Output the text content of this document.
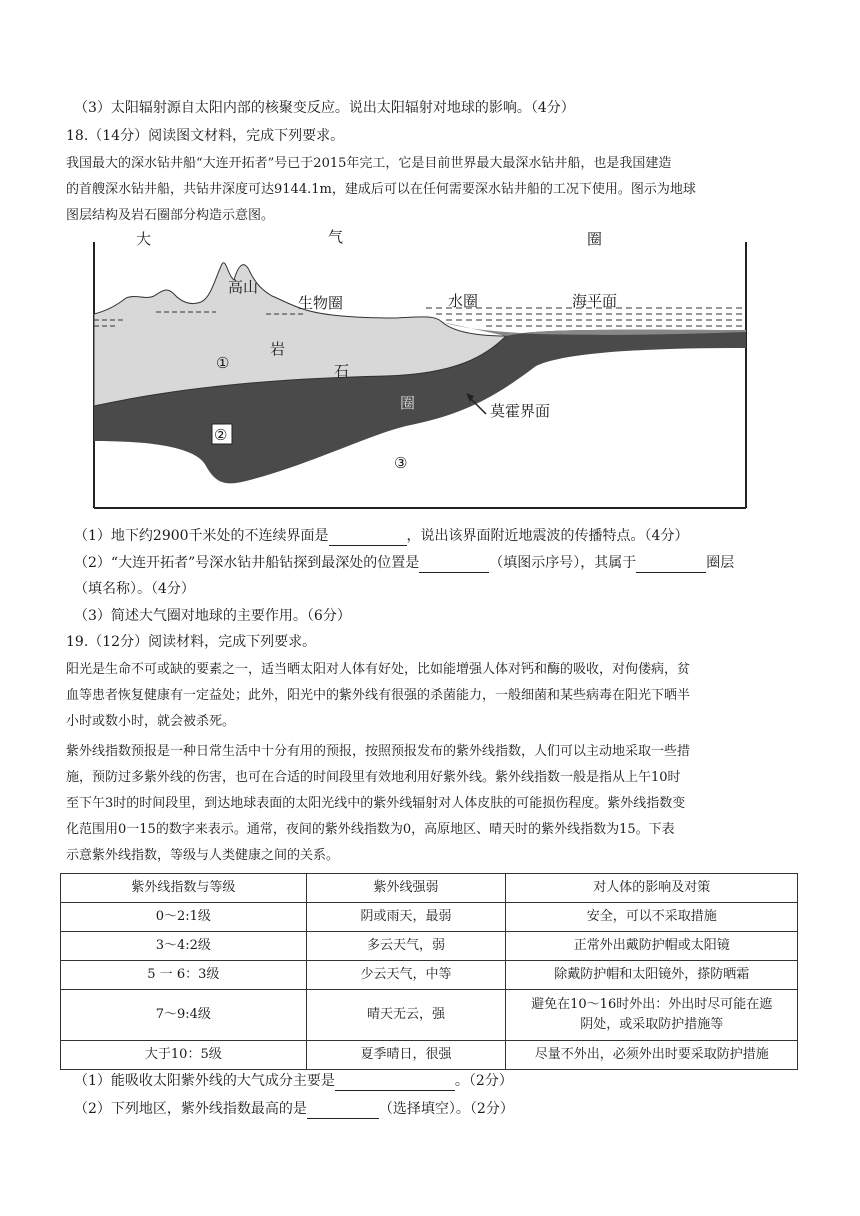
（3）太阳辐射源自太阳内部的核聚变反应。说出太阳辐射对地球的影响。（4分）
18.（14分）阅读图文材料，完成下列要求。
我国最大的深水钻井船“大连开拓者”号已于2015年完工，它是目前世界最大最深水钻井船，也是我国建造
的首艘深水钻井船，共钻井深度可达9144.1m，建成后可以在任何需要深水钻井船的工况下使用。图示为地球
图层结构及岩石圈部分构造示意图。
大	气	圈
高山
生物圈	水圈	海平面
①
岩
石
圈	莫霍界面
②
③
（1）地下约2900千米处的不连续界面是	，说出该界面附近地震波的传播特点。（4分）
（2）“大连开拓者”号深水钻井船钻探到最深处的位置是	（填图示序号），其属于	圈层
（填名称）。（4分）
（3）简述大气圈对地球的主要作用。（6分）
19.（12分）阅读材料，完成下列要求。
阳光是生命不可或缺的要素之一，适当晒太阳对人体有好处，比如能增强人体对钙和酶的吸收，对佝偻病，贫
血等患者恢复健康有一定益处；此外，阳光中的紫外线有很强的杀菌能力，一般细菌和某些病毒在阳光下晒半
小时或数小时，就会被杀死。
紫外线指数预报是一种日常生活中十分有用的预报，按照预报发布的紫外线指数，人们可以主动地采取一些措
施，预防过多紫外线的伤害，也可在合适的时间段里有效地利用好紫外线。紫外线指数一般是指从上午10时
至下午3时的时间段里，到达地球表面的太阳光线中的紫外线辐射对人体皮肤的可能损伤程度。紫外线指数变
化范围用0一15的数字来表示。通常，夜间的紫外线指数为0，高原地区、晴天时的紫外线指数为15。下表
示意紫外线指数，等级与人类健康之间的关系。
紫外线指数与等级	紫外线强弱	对人体的影响及对策
0～2:1级	阴或雨天，最弱	安全，可以不采取措施
3～4:2级	多云天气，弱	正常外出戴防护帽或太阳镜
5 一 6：3级	少云天气，中等	除戴防护帽和太阳镜外，搽防晒霜
7～9:4级	晴天无云，强	避免在10～16时外出：外出时尽可能在遮
阴处，或采取防护措施等

大于10：5级	夏季晴日，很强	尽量不外出，必须外出时要采取防护措施
（1）能吸收太阳紫外线的大气成分主要是	。（2分）
（2）下列地区，紫外线指数最高的是	（选择填空）。（2分）
